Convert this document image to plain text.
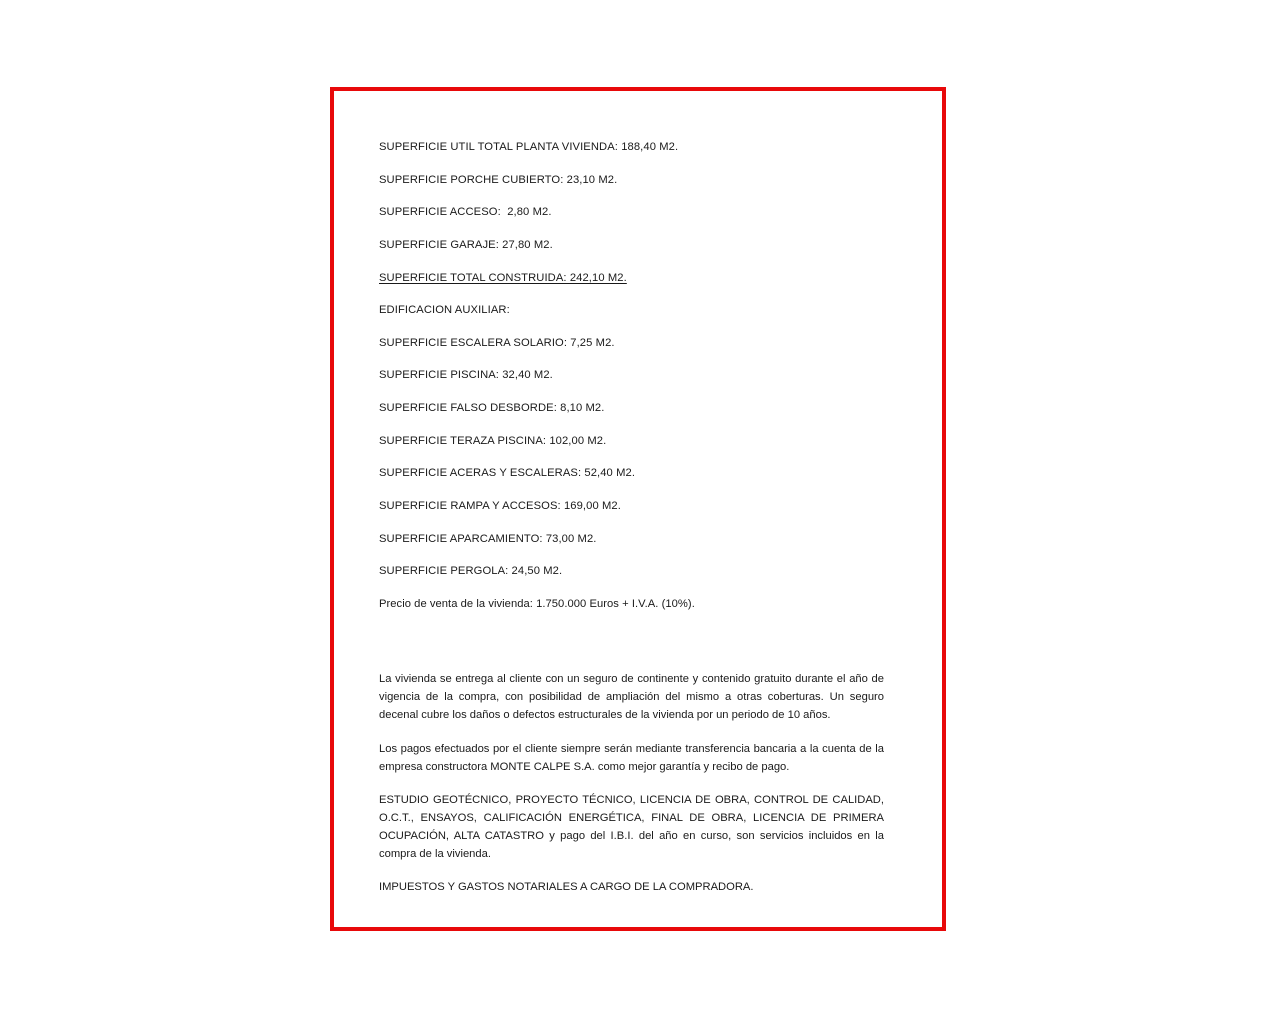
SUPERFICIE UTIL TOTAL PLANTA VIVIENDA: 188,40 M2.

SUPERFICIE PORCHE CUBIERTO: 23,10 M2.

SUPERFICIE ACCESO:  2,80 M2.

SUPERFICIE GARAJE: 27,80 M2.

SUPERFICIE TOTAL CONSTRUIDA: 242,10 M2.

EDIFICACION AUXILIAR:

SUPERFICIE ESCALERA SOLARIO: 7,25 M2.

SUPERFICIE PISCINA: 32,40 M2.

SUPERFICIE FALSO DESBORDE: 8,10 M2.

SUPERFICIE TERAZA PISCINA: 102,00 M2.

SUPERFICIE ACERAS Y ESCALERAS: 52,40 M2.

SUPERFICIE RAMPA Y ACCESOS: 169,00 M2.

SUPERFICIE APARCAMIENTO: 73,00 M2.

SUPERFICIE PERGOLA: 24,50 M2.

Precio de venta de la vivienda: 1.750.000 Euros + I.V.A. (10%).

La vivienda se entrega al cliente con un seguro de continente y contenido gratuito durante el año de vigencia de la compra, con posibilidad de ampliación del mismo a otras coberturas. Un seguro decenal cubre los daños o defectos estructurales de la vivienda por un periodo de 10 años.

Los pagos efectuados por el cliente siempre serán mediante transferencia bancaria a la cuenta de la empresa constructora MONTE CALPE S.A. como mejor garantía y recibo de pago.

ESTUDIO GEOTÉCNICO, PROYECTO TÉCNICO, LICENCIA DE OBRA, CONTROL DE CALIDAD, O.C.T., ENSAYOS, CALIFICACIÓN ENERGÉTICA, FINAL DE OBRA, LICENCIA DE PRIMERA OCUPACIÓN, ALTA CATASTRO y pago del I.B.I. del año en curso, son servicios incluidos en la compra de la vivienda.

IMPUESTOS Y GASTOS NOTARIALES A CARGO DE LA COMPRADORA.
